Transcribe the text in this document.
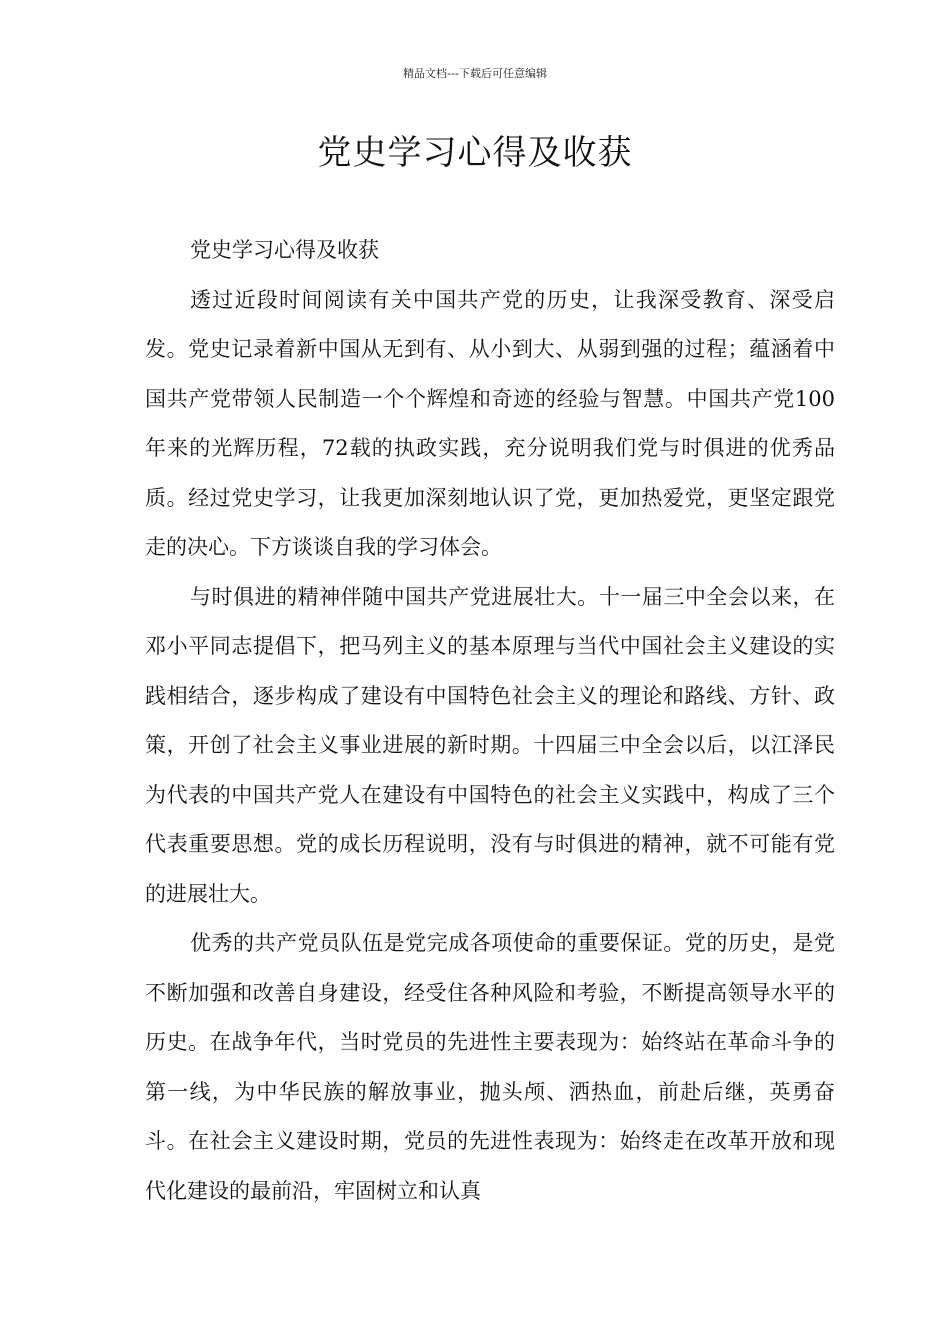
精品文档---下载后可任意编辑
党史学习心得及收获

党史学习心得及收获

透过近段时间阅读有关中国共产党的历史，让我深受教育、深受启发。党史记录着新中国从无到有、从小到大、从弱到强的过程；蕴涵着中国共产党带领人民制造一个个辉煌和奇迹的经验与智慧。中国共产党100年来的光辉历程，72载的执政实践，充分说明我们党与时俱进的优秀品质。经过党史学习，让我更加深刻地认识了党，更加热爱党，更坚定跟党走的决心。下方谈谈自我的学习体会。

与时俱进的精神伴随中国共产党进展壮大。十一届三中全会以来，在邓小平同志提倡下，把马列主义的基本原理与当代中国社会主义建设的实践相结合，逐步构成了建设有中国特色社会主义的理论和路线、方针、政策，开创了社会主义事业进展的新时期。十四届三中全会以后，以江泽民为代表的中国共产党人在建设有中国特色的社会主义实践中，构成了三个代表重要思想。党的成长历程说明，没有与时俱进的精神，就不可能有党的进展壮大。

优秀的共产党员队伍是党完成各项使命的重要保证。党的历史，是党不断加强和改善自身建设，经受住各种风险和考验，不断提高领导水平的历史。在战争年代，当时党员的先进性主要表现为：始终站在革命斗争的第一线，为中华民族的解放事业，抛头颅、洒热血，前赴后继，英勇奋斗。在社会主义建设时期，党员的先进性表现为：始终走在改革开放和现代化建设的最前沿，牢固树立和认真
